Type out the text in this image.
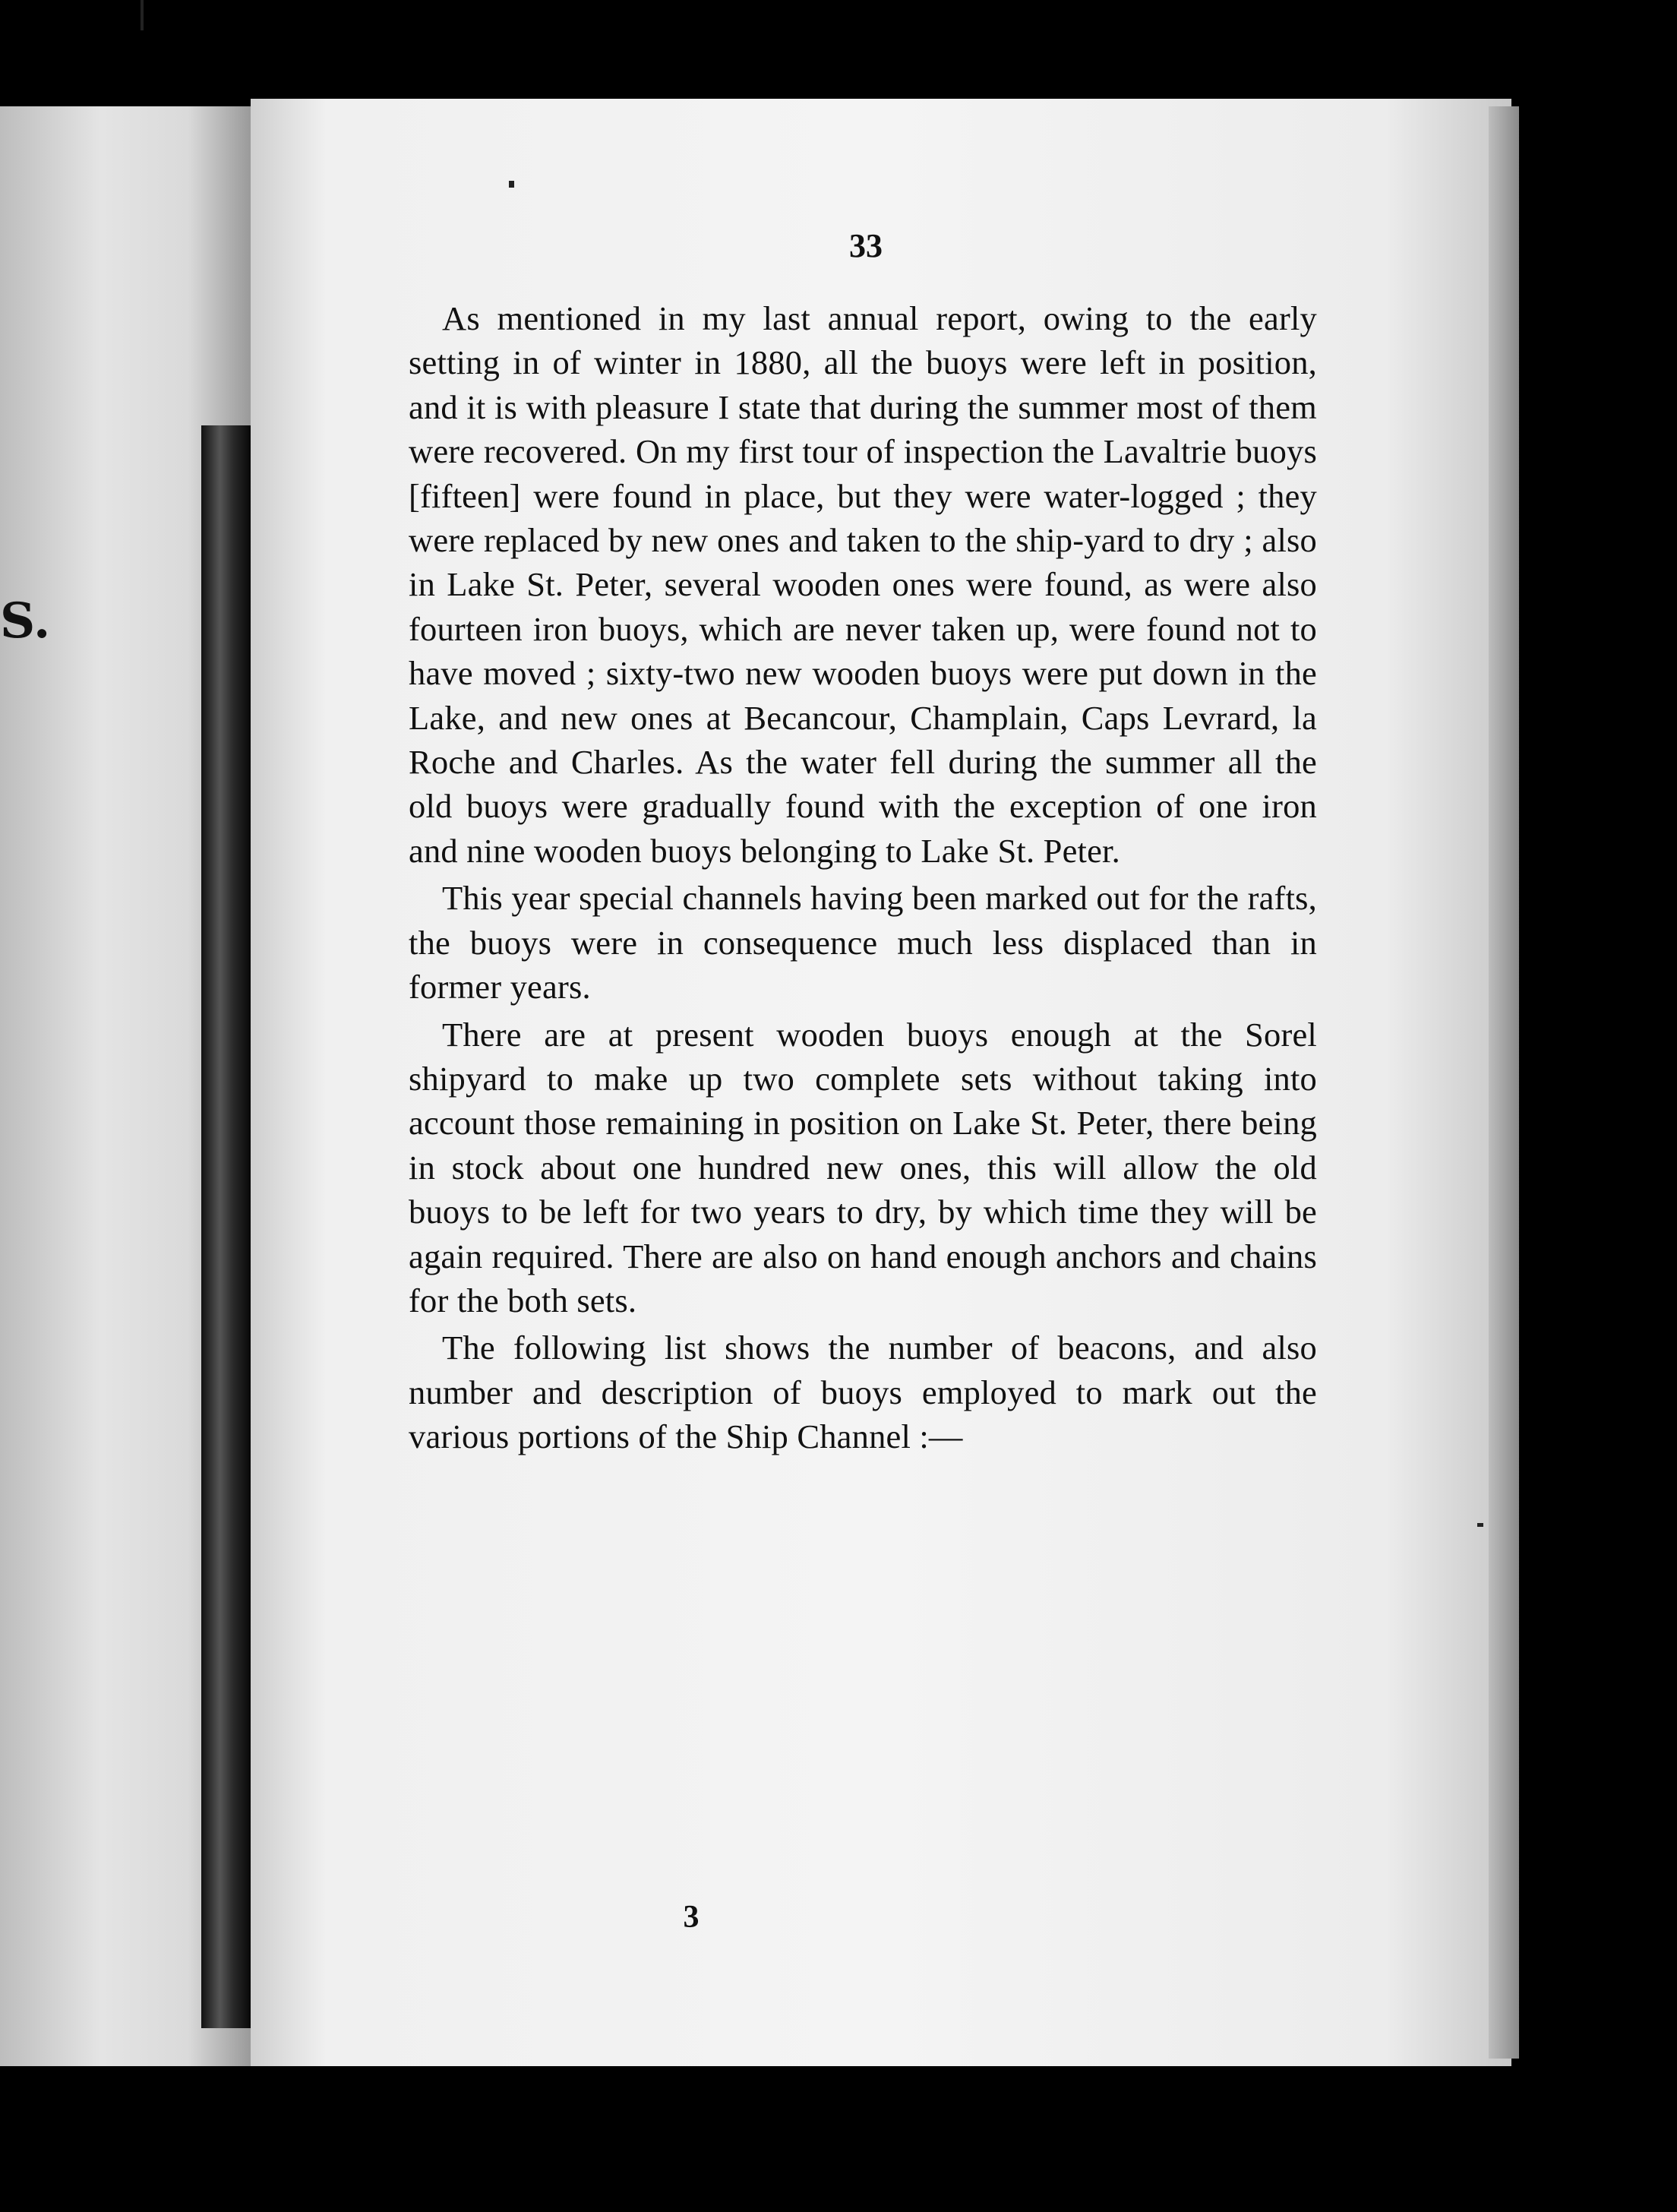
S.
33

As mentioned in my last annual report, owing to the early setting in of winter in 1880, all the buoys were left in position, and it is with pleasure I state that during the summer most of them were recovered. On my first tour of inspection the Lavaltrie buoys [fifteen] were found in place, but they were water-logged ; they were replaced by new ones and taken to the ship-yard to dry ; also in Lake St. Peter, several wooden ones were found, as were also fourteen iron buoys, which are never taken up, were found not to have moved ; sixty-two new wooden buoys were put down in the Lake, and new ones at Becancour, Champlain, Caps Levrard, la Roche and Charles. As the water fell during the summer all the old buoys were gradually found with the exception of one iron and nine wooden buoys belonging to Lake St. Peter.

This year special channels having been marked out for the rafts, the buoys were in consequence much less displaced than in former years.

There are at present wooden buoys enough at the Sorel shipyard to make up two complete sets without taking into account those remaining in position on Lake St. Peter, there being in stock about one hundred new ones, this will allow the old buoys to be left for two years to dry, by which time they will be again required. There are also on hand enough anchors and chains for the both sets.

The following list shows the number of beacons, and also number and description of buoys employed to mark out the various portions of the Ship Channel :—

3
